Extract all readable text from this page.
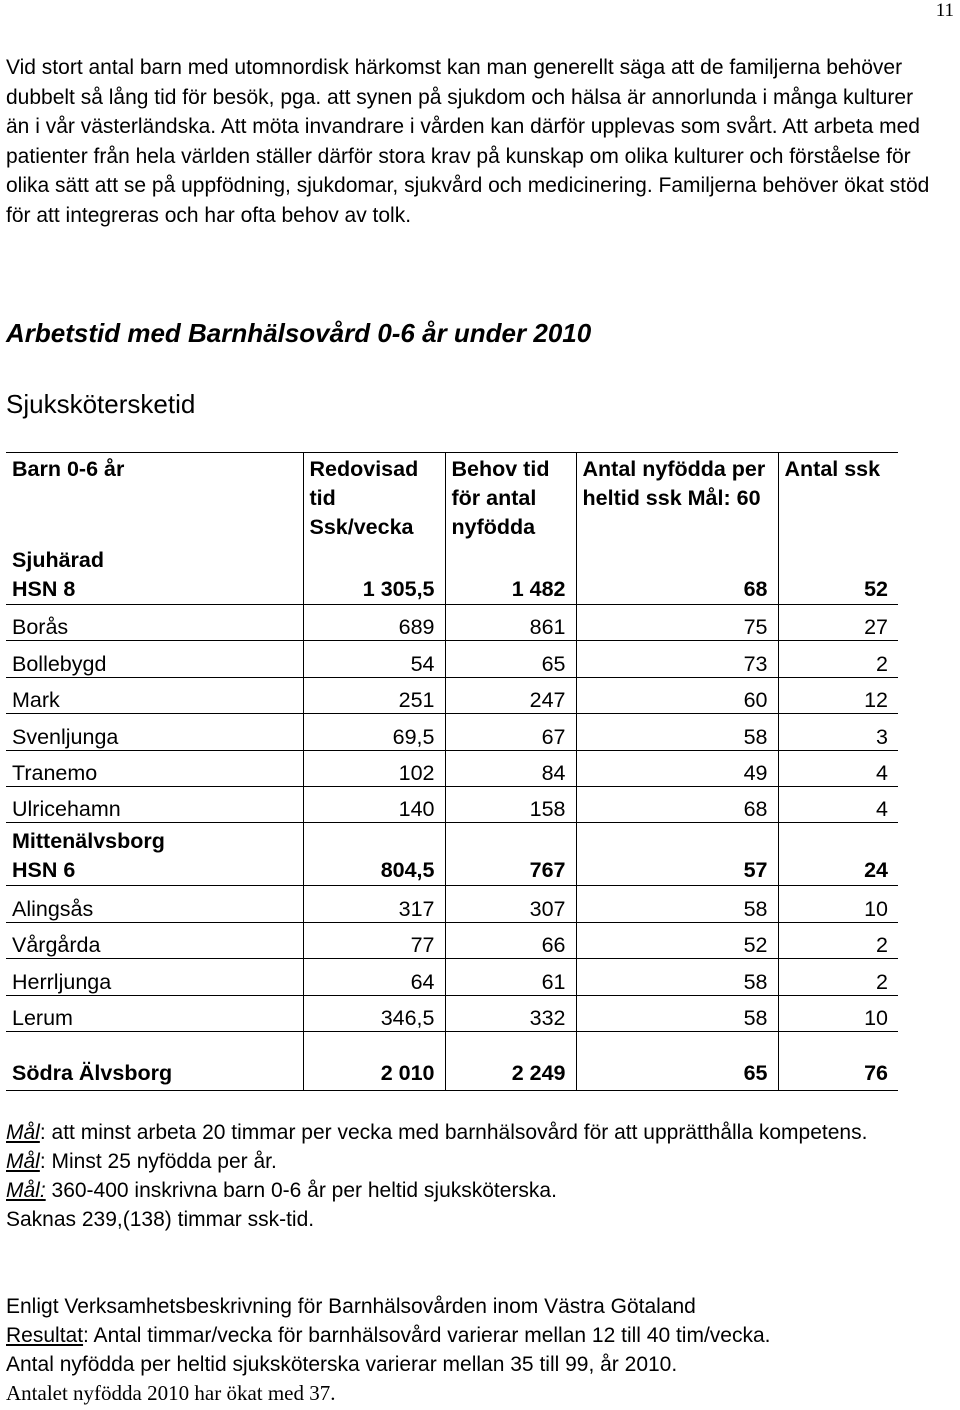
11

Vid stort antal barn med utomnordisk härkomst kan man generellt säga att de familjerna behöver dubbelt så lång tid för besök, pga. att synen på sjukdom och hälsa är annorlunda i många kulturer än i vår västerländska. Att möta invandrare i vården kan därför upplevas som svårt. Att arbeta med patienter från hela världen ställer därför stora krav på kunskap om olika kulturer och förståelse för olika sätt att se på uppfödning, sjukdomar, sjukvård och medicinering. Familjerna behöver ökat stöd för att integreras och har ofta behov av tolk.

Arbetstid med Barnhälsovård 0-6 år under 2010
Sjukskötersketid
Barn 0-6 år	Redovisad tid Ssk/vecka	Behov tid för antal nyfödda	Antal nyfödda per heltid ssk Mål: 60	Antal ssk
Sjuhärad
HSN 8	1 305,5	1 482	68	52
Borås	689	861	75	27
Bollebygd	54	65	73	2
Mark	251	247	60	12
Svenljunga	69,5	67	58	3
Tranemo	102	84	49	4
Ulricehamn	140	158	68	4
Mittenälvsborg
HSN 6	804,5	767	57	24
Alingsås	317	307	58	10
Vårgårda	77	66	52	2
Herrljunga	64	61	58	2
Lerum	346,5	332	58	10
Södra Älvsborg	2 010	2 249	65	76
Mål: att minst arbeta 20 timmar per vecka med barnhälsovård för att upprätthålla kompetens.
Mål: Minst 25 nyfödda per år.
Mål: 360-400 inskrivna barn 0-6 år per heltid sjuksköterska.
Saknas 239,(138) timmar ssk-tid.
Enligt Verksamhetsbeskrivning för Barnhälsovården inom Västra Götaland
Resultat: Antal timmar/vecka för barnhälsovård varierar mellan 12 till 40 tim/vecka.
Antal nyfödda per heltid sjuksköterska varierar mellan 35 till 99, år 2010.
Antalet nyfödda 2010 har ökat med 37.
